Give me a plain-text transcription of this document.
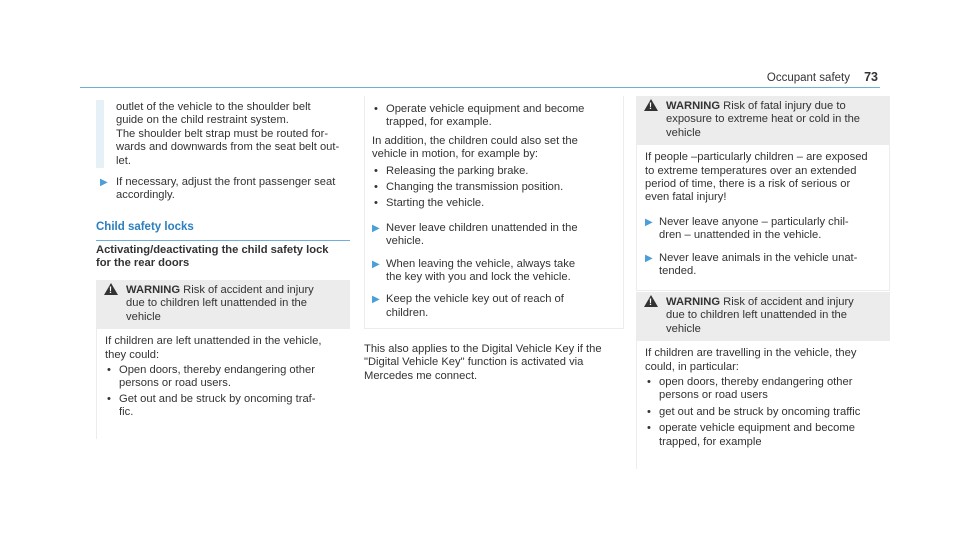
Occupant safety 73

outlet of the vehicle to the shoulder belt

guide on the child restraint system.

The shoulder belt strap must be routed for-

wards and downwards from the seat belt out-

let.

▶ If necessary, adjust the front passenger seat

accordingly.

Child safety locks

Activating/deactivating the child safety lock

for the rear doors

!

WARNING Risk of accident and injury

due to children left unattended in the

vehicle

If children are left unattended in the vehicle,

they could:

• Open doors, thereby endangering other

persons or road users.

• Get out and be struck by oncoming traf-

fic.

• Operate vehicle equipment and become

trapped, for example.

In addition, the children could also set the

vehicle in motion, for example by:

• Releasing the parking brake.

• Changing the transmission position.

• Starting the vehicle.

▶ Never leave children unattended in the

vehicle.

▶ When leaving the vehicle, always take

the key with you and lock the vehicle.

▶ Keep the vehicle key out of reach of

children.

This also applies to the Digital Vehicle Key if the

"Digital Vehicle Key" function is activated via

Mercedes me connect.

!

WARNING Risk of fatal injury due to

exposure to extreme heat or cold in the

vehicle

If people –particularly children – are exposed

to extreme temperatures over an extended

period of time, there is a risk of serious or

even fatal injury!

▶ Never leave anyone – particularly chil-

dren – unattended in the vehicle.

▶ Never leave animals in the vehicle unat-

tended.

!

WARNING Risk of accident and injury

due to children left unattended in the

vehicle

If children are travelling in the vehicle, they

could, in particular:

• open doors, thereby endangering other

persons or road users

• get out and be struck by oncoming traffic

• operate vehicle equipment and become

trapped, for example
